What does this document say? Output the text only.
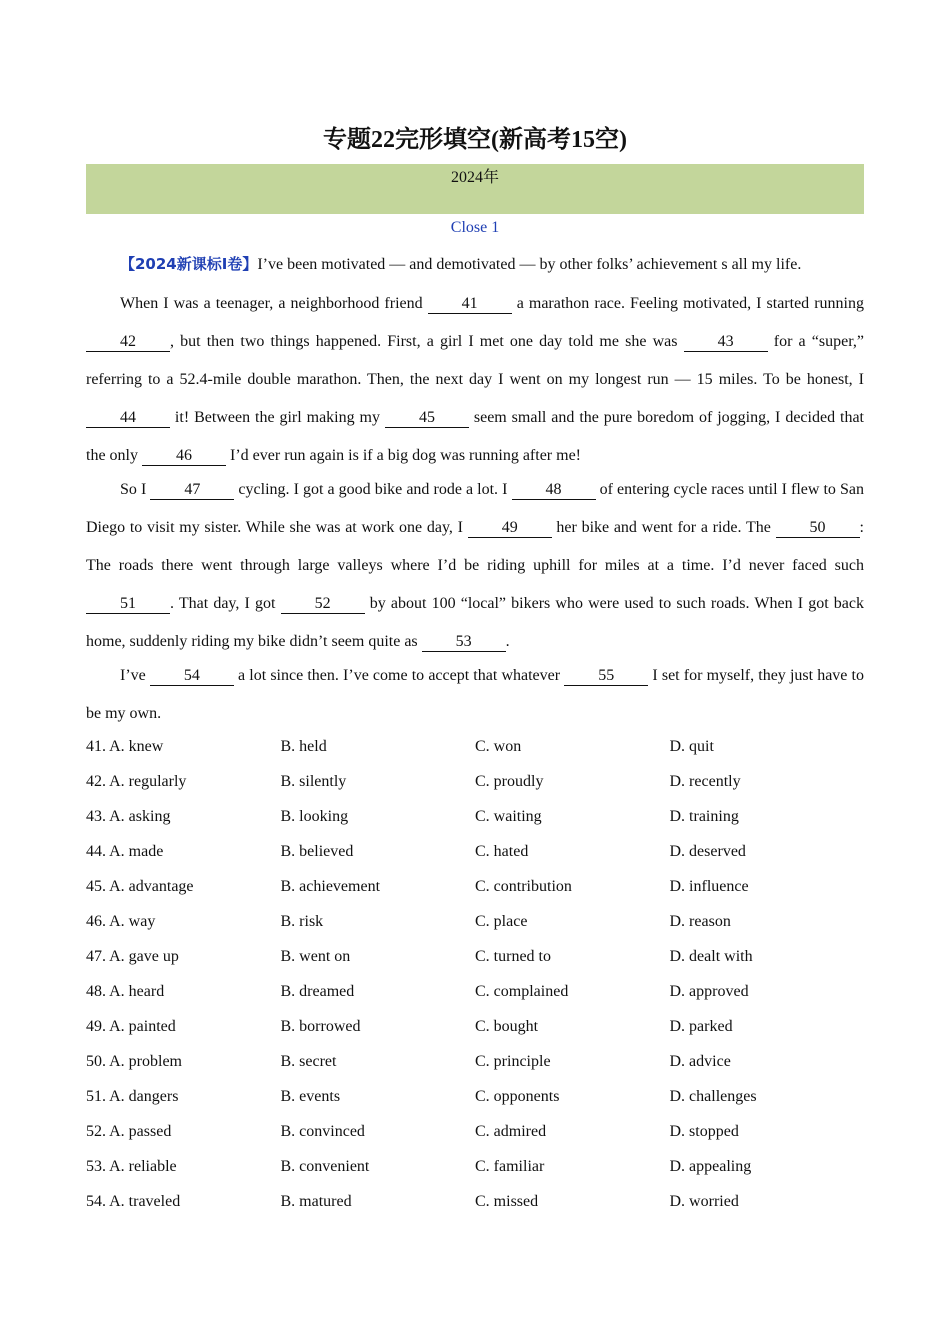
专题22完形填空(新高考15空)
2024年
Close 1

【2024新课标Ⅰ卷】I’ve been motivated — and demotivated — by other folks’ achievement s all my life.

When I was a teenager, a neighborhood friend 41 a marathon race. Feeling motivated, I started running 42 , but then two things happened. First, a girl I met one day told me she was 43 for a “super,” referring to a 52.4-mile double marathon. Then, the next day I went on my longest run — 15 miles. To be honest, I 44 it! Between the girl making my 45 seem small and the pure boredom of jogging, I decided that the only 46 I’d ever run again is if a big dog was running after me!

So I 47 cycling. I got a good bike and rode a lot. I 48 of entering cycle races until I flew to San Diego to visit my sister. While she was at work one day, I 49 her bike and went for a ride. The 50 : The roads there went through large valleys where I’d be riding uphill for miles at a time. I’d never faced such 51 . That day, I got 52 by about 100 “local” bikers who were used to such roads. When I got back home, suddenly riding my bike didn’t seem quite as 53 .

I’ve 54 a lot since then. I’ve come to accept that whatever 55 I set for myself, they just have to be my own.

41. A. knew	B. held	C. won	D. quit
42. A. regularly	B. silently	C. proudly	D. recently
43. A. asking	B. looking	C. waiting	D. training
44. A. made	B. believed	C. hated	D. deserved
45. A. advantage	B. achievement	C. contribution	D. influence
46. A. way	B. risk	C. place	D. reason
47. A. gave up	B. went on	C. turned to	D. dealt with
48. A. heard	B. dreamed	C. complained	D. approved
49. A. painted	B. borrowed	C. bought	D. parked
50. A. problem	B. secret	C. principle	D. advice
51. A. dangers	B. events	C. opponents	D. challenges
52. A. passed	B. convinced	C. admired	D. stopped
53. A. reliable	B. convenient	C. familiar	D. appealing
54. A. traveled	B. matured	C. missed	D. worried
